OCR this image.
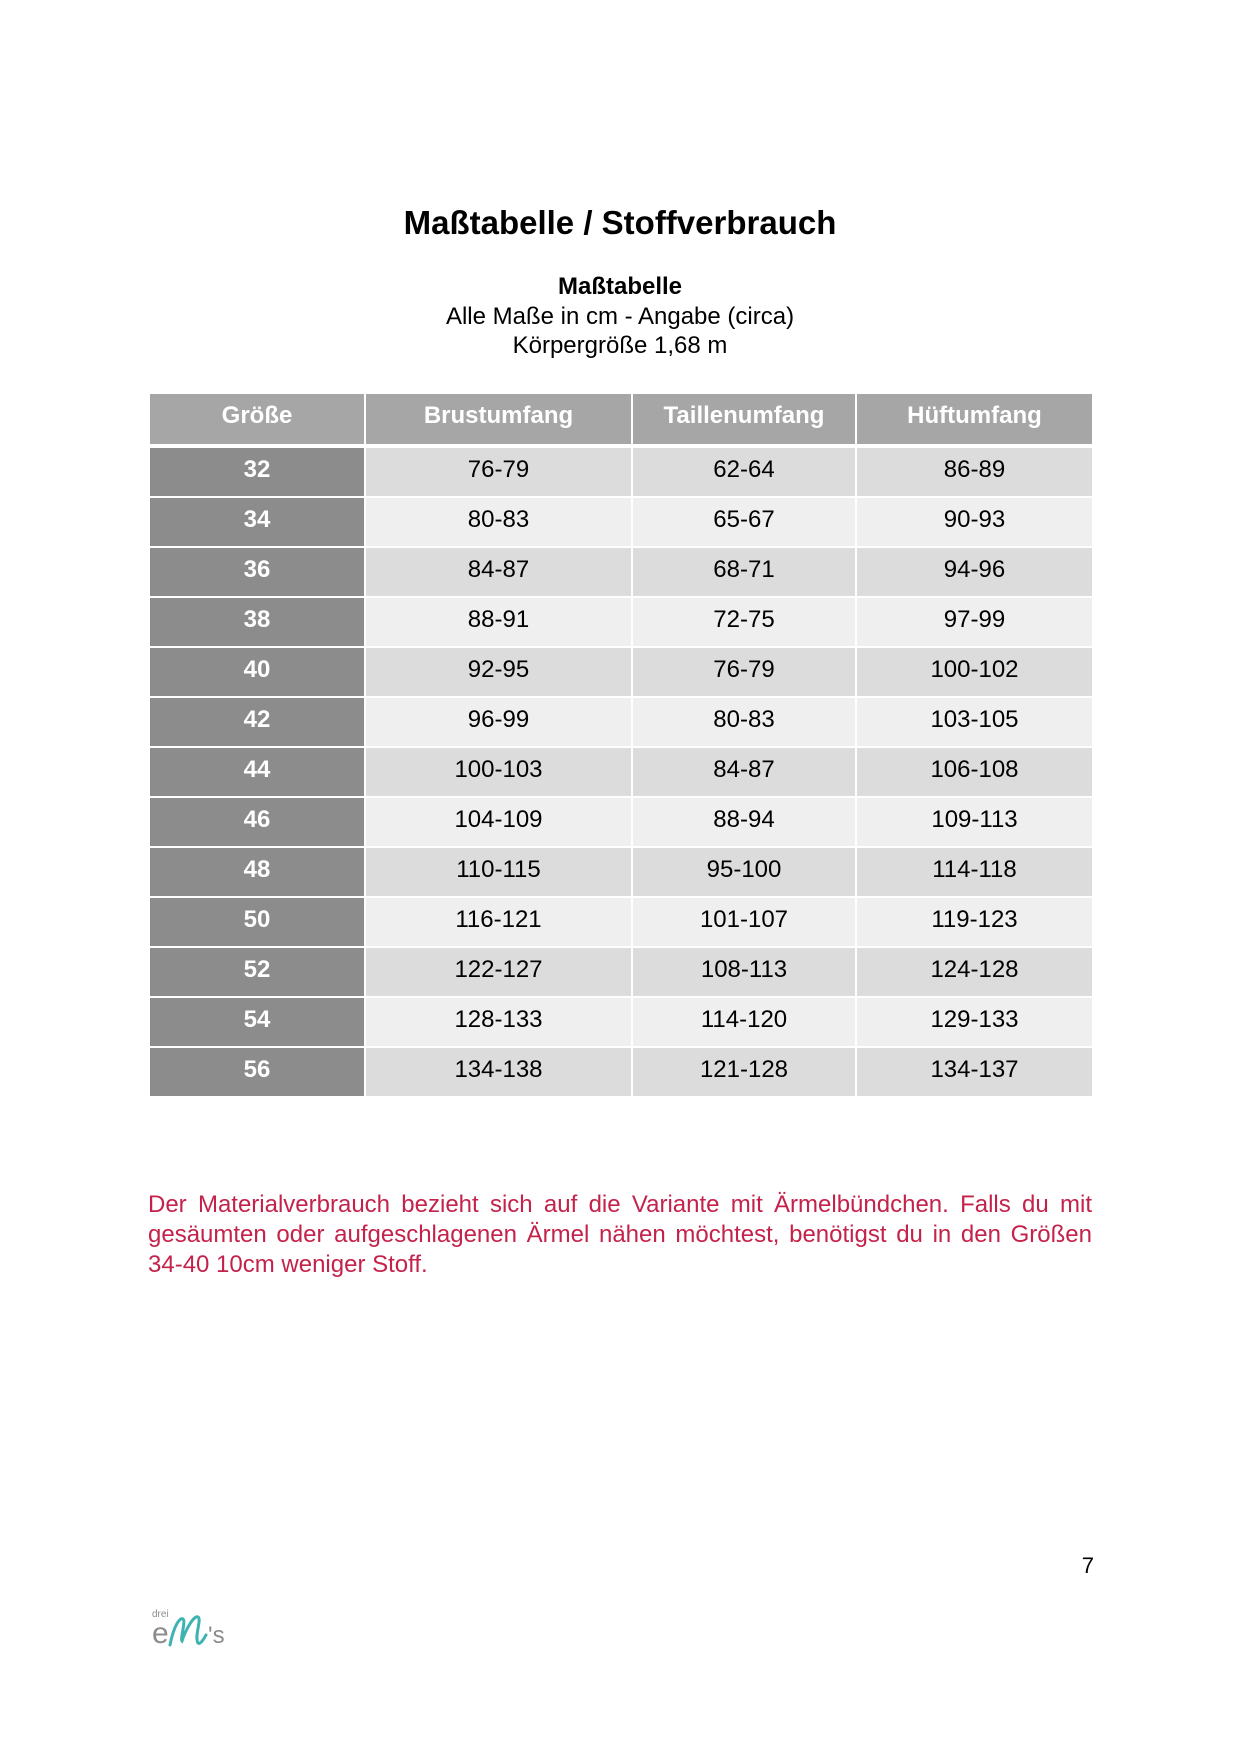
Maßtabelle / Stoffverbrauch
Maßtabelle
Alle Maße in cm - Angabe (circa)
Körpergröße 1,68 m
Größe	Brustumfang	Taillenumfang	Hüftumfang
32	76-79	62-64	86-89
34	80-83	65-67	90-93
36	84-87	68-71	94-96
38	88-91	72-75	97-99
40	92-95	76-79	100-102
42	96-99	80-83	103-105
44	100-103	84-87	106-108
46	104-109	88-94	109-113
48	110-115	95-100	114-118
50	116-121	101-107	119-123
52	122-127	108-113	124-128
54	128-133	114-120	129-133
56	134-138	121-128	134-137
Der Materialverbrauch bezieht sich auf die Variante mit Ärmelbündchen. Falls du mit gesäumten oder aufgeschlagenen Ärmel nähen möchtest, benötigst du in den Größen 34-40 10cm weniger Stoff.
7
drei
e 's
